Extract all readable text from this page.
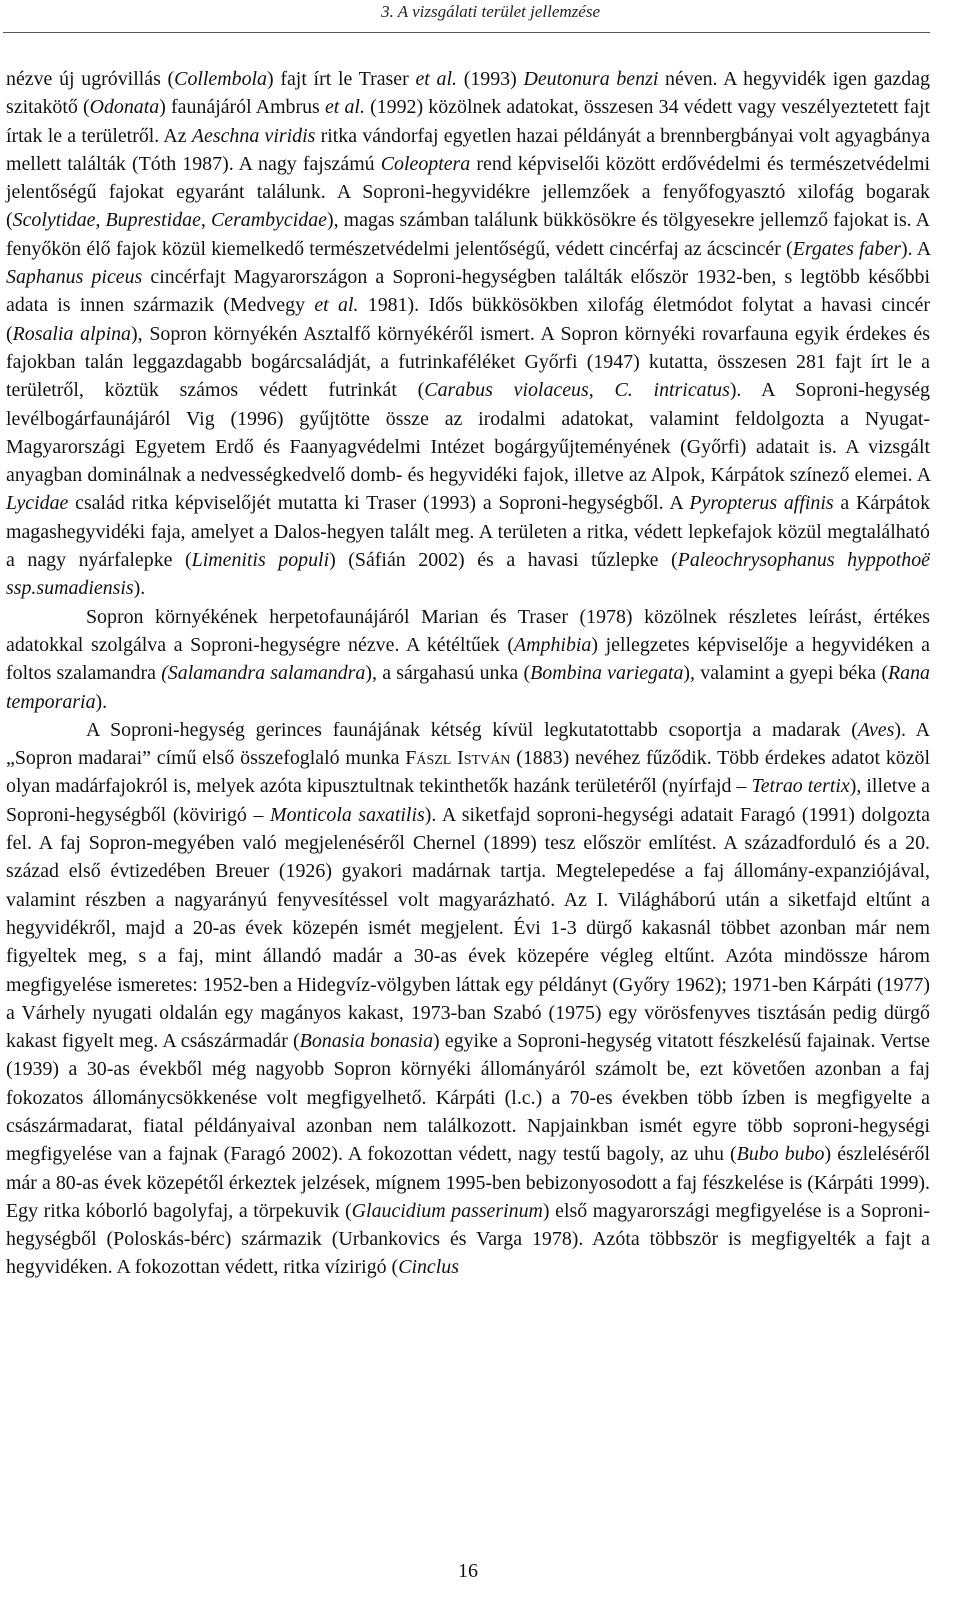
3. A vizsgálati terület jellemzése

nézve új ugróvillás (Collembola) fajt írt le Traser et al. (1993) Deutonura benzi néven. A hegyvidék igen gazdag szitakötő (Odonata) faunájáról Ambrus et al. (1992) közölnek adatokat, összesen 34 védett vagy veszélyeztetett fajt írtak le a területről. Az Aeschna viridis ritka vándorfaj egyetlen hazai példányát a brennbergbányai volt agyagbánya mellett találták (Tóth 1987). A nagy fajszámú Coleoptera rend képviselői között erdővédelmi és természetvédelmi jelentőségű fajokat egyaránt találunk. A Soproni-hegyvidékre jellemzőek a fenyőfogyasztó xilofág bogarak (Scolytidae, Buprestidae, Cerambycidae), magas számban találunk bükkösökre és tölgyesekre jellemző fajokat is. A fenyőkön élő fajok közül kiemelkedő természetvédelmi jelentőségű, védett cincérfaj az ácscincér (Ergates faber). A Saphanus piceus cincérfajt Magyarországon a Soproni-hegységben találták először 1932-ben, s legtöbb későbbi adata is innen származik (Medvegy et al. 1981). Idős bükkösökben xilofág életmódot folytat a havasi cincér (Rosalia alpina), Sopron környékén Asztalfő környékéről ismert. A Sopron környéki rovarfauna egyik érdekes és fajokban talán leggazdagabb bogárcsaládját, a futrinkaféléket Győrfi (1947) kutatta, összesen 281 fajt írt le a területről, köztük számos védett futrinkát (Carabus violaceus, C. intricatus). A Soproni-hegység levélbogárfaunájáról Vig (1996) gyűjtötte össze az irodalmi adatokat, valamint feldolgozta a Nyugat-Magyarországi Egyetem Erdő és Faanyagvédelmi Intézet bogárgyűjteményének (Győrfi) adatait is. A vizsgált anyagban dominálnak a nedvességkedvelő domb- és hegyvidéki fajok, illetve az Alpok, Kárpátok színező elemei. A Lycidae család ritka képviselőjét mutatta ki Traser (1993) a Soproni-hegységből. A Pyropterus affinis a Kárpátok magashegyvidéki faja, amelyet a Dalos-hegyen talált meg. A területen a ritka, védett lepkefajok közül megtalálható a nagy nyárfalepke (Limenitis populi) (Sáfián 2002) és a havasi tűzlepke (Paleochrysophanus hyppothoë ssp.sumadiensis).

Sopron környékének herpetofaunájáról Marian és Traser (1978) közölnek részletes leírást, értékes adatokkal szolgálva a Soproni-hegységre nézve. A kétéltűek (Amphibia) jellegzetes képviselője a hegyvidéken a foltos szalamandra (Salamandra salamandra), a sárgahasú unka (Bombina variegata), valamint a gyepi béka (Rana temporaria).

A Soproni-hegység gerinces faunájának kétség kívül legkutatottabb csoportja a madarak (Aves). A „Sopron madarai” című első összefoglaló munka Fászl István (1883) nevéhez fűződik. Több érdekes adatot közöl olyan madárfajokról is, melyek azóta kipusztultnak tekinthetők hazánk területéről (nyírfajd – Tetrao tertix), illetve a Soproni-hegységből (kövirigó – Monticola saxatilis). A siketfajd soproni-hegységi adatait Faragó (1991) dolgozta fel. A faj Sopron-megyében való megjelenéséről Chernel (1899) tesz először említést. A századforduló és a 20. század első évtizedében Breuer (1926) gyakori madárnak tartja. Megtelepedése a faj állomány-expanziójával, valamint részben a nagyarányú fenyvesítéssel volt magyarázható. Az I. Világháború után a siketfajd eltűnt a hegyvidékről, majd a 20-as évek közepén ismét megjelent. Évi 1-3 dürgő kakasnál többet azonban már nem figyeltek meg, s a faj, mint állandó madár a 30-as évek közepére végleg eltűnt. Azóta mindössze három megfigyelése ismeretes: 1952-ben a Hidegvíz-völgyben láttak egy példányt (Győry 1962); 1971-ben Kárpáti (1977) a Várhely nyugati oldalán egy magányos kakast, 1973-ban Szabó (1975) egy vörösfenyves tisztásán pedig dürgő kakast figyelt meg. A császármadár (Bonasia bonasia) egyike a Soproni-hegység vitatott fészkelésű fajainak. Vertse (1939) a 30-as évekből még nagyobb Sopron környéki állományáról számolt be, ezt követően azonban a faj fokozatos állománycsökkenése volt megfigyelhető. Kárpáti (l.c.) a 70-es években több ízben is megfigyelte a császármadarat, fiatal példányaival azonban nem találkozott. Napjainkban ismét egyre több soproni-hegységi megfigyelése van a fajnak (Faragó 2002). A fokozottan védett, nagy testű bagoly, az uhu (Bubo bubo) észleléséről már a 80-as évek közepétől érkeztek jelzések, mígnem 1995-ben bebizonyosodott a faj fészkelése is (Kárpáti 1999). Egy ritka kóborló bagolyfaj, a törpekuvik (Glaucidium passerinum) első magyarországi megfigyelése is a Soproni-hegységből (Poloskás-bérc) származik (Urbankovics és Varga 1978). Azóta többször is megfigyelték a fajt a hegyvidéken. A fokozottan védett, ritka vízirigó (Cinclus

16
